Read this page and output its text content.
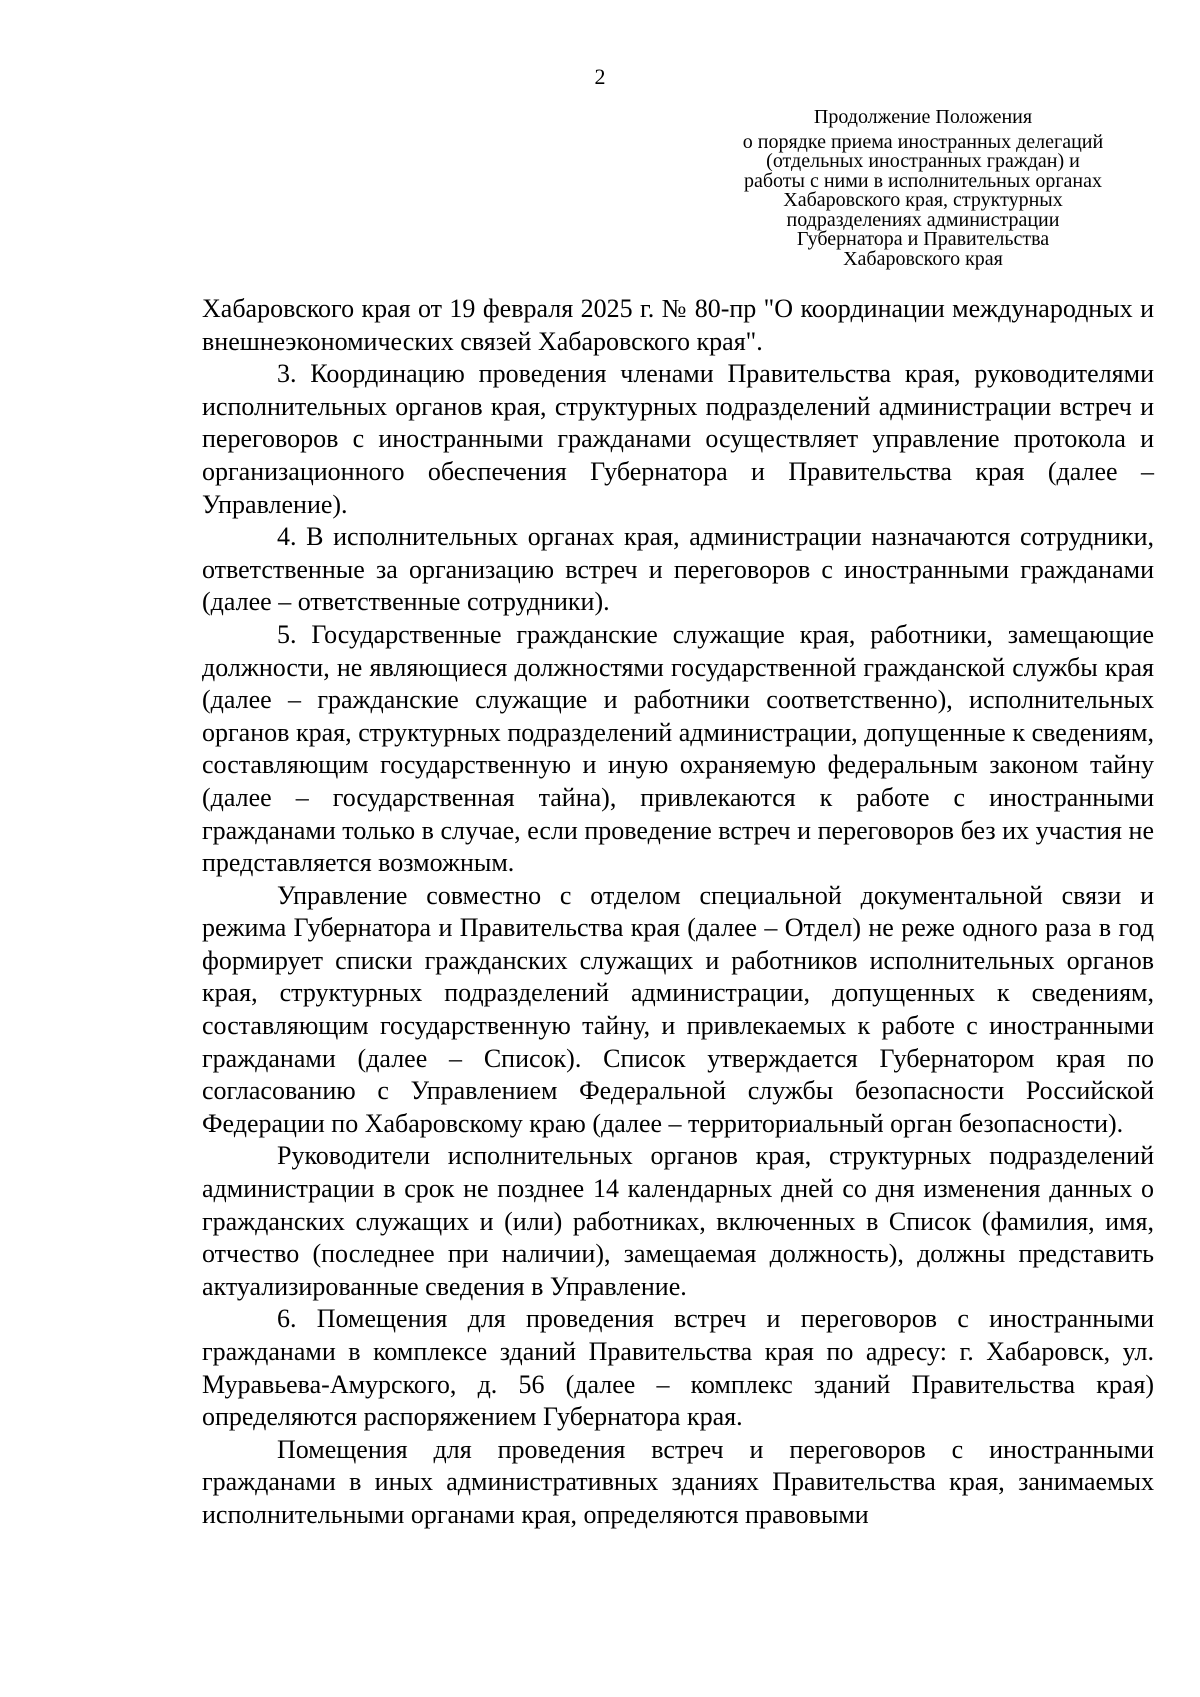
2
Продолжение Положения
о порядке приема иностранных делегаций
(отдельных иностранных граждан) и
работы с ними в исполнительных органах
Хабаровского края, структурных
подразделениях администрации
Губернатора и Правительства
Хабаровского края

Хабаровского края от 19 февраля 2025 г. № 80-пр "О координации международных и внешнеэкономических связей Хабаровского края".

3. Координацию проведения членами Правительства края, руководителями исполнительных органов края, структурных подразделений администрации встреч и переговоров с иностранными гражданами осуществляет управление протокола и организационного обеспечения Губернатора и Правительства края (далее – Управление).

4. В исполнительных органах края, администрации назначаются сотрудники, ответственные за организацию встреч и переговоров с иностранными гражданами (далее – ответственные сотрудники).

5. Государственные гражданские служащие края, работники, замещающие должности, не являющиеся должностями государственной гражданской службы края (далее – гражданские служащие и работники соответственно), исполнительных органов края, структурных подразделений администрации, допущенные к сведениям, составляющим государственную и иную охраняемую федеральным законом тайну (далее – государственная тайна), привлекаются к работе с иностранными гражданами только в случае, если проведение встреч и переговоров без их участия не представляется возможным.

Управление совместно с отделом специальной документальной связи и режима Губернатора и Правительства края (далее – Отдел) не реже одного раза в год формирует списки гражданских служащих и работников исполнительных органов края, структурных подразделений администрации, допущенных к сведениям, составляющим государственную тайну, и привлекаемых к работе с иностранными гражданами (далее – Список). Список утверждается Губернатором края по согласованию с Управлением Федеральной службы безопасности Российской Федерации по Хабаровскому краю (далее – территориальный орган безопасности).

Руководители исполнительных органов края, структурных подразделений администрации в срок не позднее 14 календарных дней со дня изменения данных о гражданских служащих и (или) работниках, включенных в Список (фамилия, имя, отчество (последнее при наличии), замещаемая должность), должны представить актуализированные сведения в Управление.

6. Помещения для проведения встреч и переговоров с иностранными гражданами в комплексе зданий Правительства края по адресу: г. Хабаровск, ул. Муравьева-Амурского, д. 56 (далее – комплекс зданий Правительства края) определяются распоряжением Губернатора края.

Помещения для проведения встреч и переговоров с иностранными гражданами в иных административных зданиях Правительства края, занимаемых исполнительными органами края, определяются правовыми
